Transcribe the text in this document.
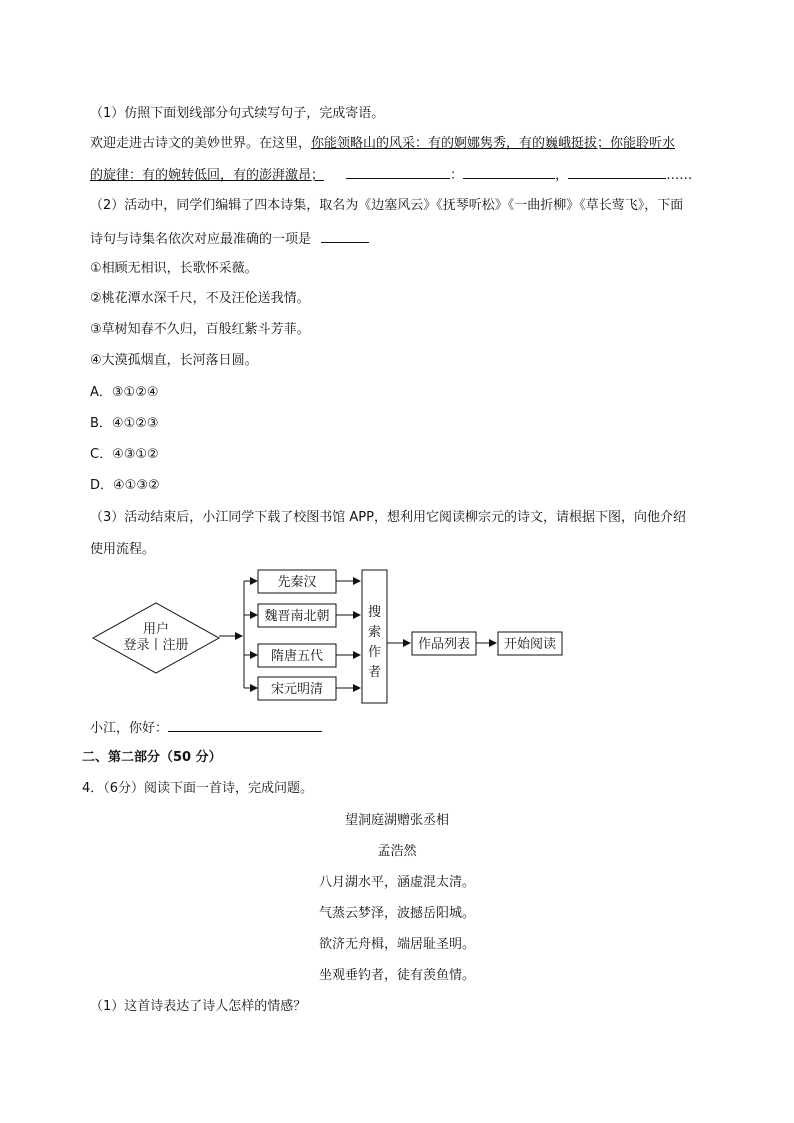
（1）仿照下面划线部分句式续写句子，完成寄语。
欢迎走进古诗文的美妙世界。在这里，你能领略山的风采：有的婀娜隽秀，有的巍峨挺拔；你能聆听水
的旋律：有的婉转低回，有的澎湃激昂；	：	，	……
（2）活动中，同学们编辑了四本诗集，取名为《边塞风云》《抚琴听松》《一曲折柳》《草长莺飞》，下面
诗句与诗集名依次对应最准确的一项是
①相顾无相识，长歌怀采薇。
②桃花潭水深千尺，不及汪伦送我情。
③草树知春不久归，百般红紫斗芳菲。
④大漠孤烟直，长河落日圆。
A．③①②④
B．④①②③
C．④③①②
D．④①③②
（3）活动结束后，小江同学下载了校图书馆 APP，想利用它阅读柳宗元的诗文，请根据下图，向他介绍
使用流程。
用户
登录丨注册
先秦汉
魏晋南北朝
隋唐五代
宋元明清
搜
索
作
者
作品列表	开始阅读
小江，你好：
二、第二部分（50 分）
4．（6分）阅读下面一首诗，完成问题。
望洞庭湖赠张丞相
孟浩然
八月湖水平，涵虚混太清。
气蒸云梦泽，波撼岳阳城。
欲济无舟楫，端居耻圣明。
坐观垂钓者，徒有羡鱼情。
（1）这首诗表达了诗人怎样的情感？
